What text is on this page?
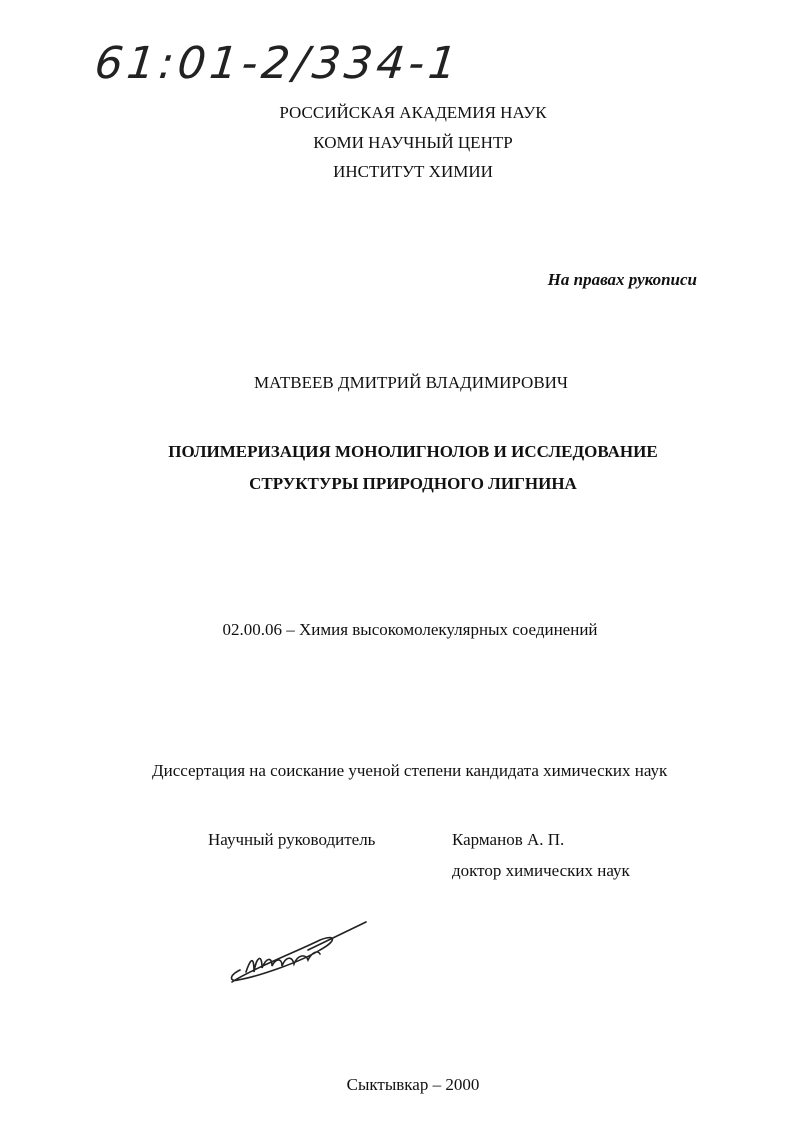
61:01-2/334-1
РОССИЙСКАЯ АКАДЕМИЯ НАУК
КОМИ НАУЧНЫЙ ЦЕНТР
ИНСТИТУТ ХИМИИ
На правах рукописи
МАТВЕЕВ ДМИТРИЙ ВЛАДИМИРОВИЧ
ПОЛИМЕРИЗАЦИЯ МОНОЛИГНОЛОВ И ИССЛЕДОВАНИЕ
СТРУКТУРЫ ПРИРОДНОГО ЛИГНИНА
02.00.06 – Химия высокомолекулярных соединений
Диссертация на соискание ученой степени кандидата химических наук
Научный руководитель	Карманов А. П.
доктор химических наук
Сыктывкар – 2000
